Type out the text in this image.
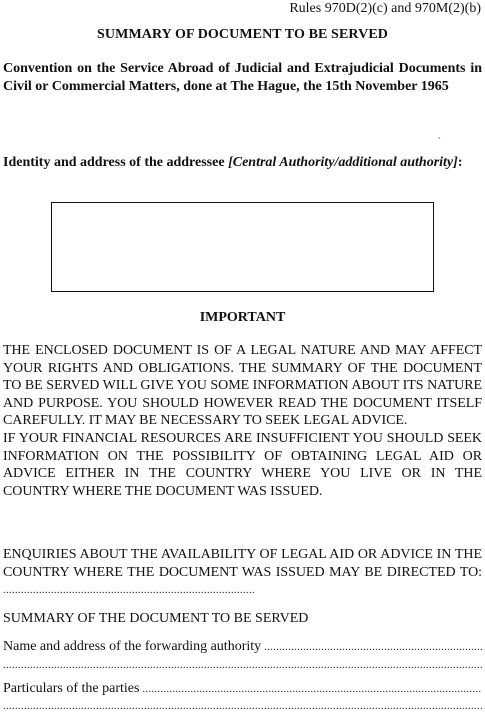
Rules 970D(2)(c) and 970M(2)(b)
SUMMARY OF DOCUMENT TO BE SERVED
Convention on the Service Abroad of Judicial and Extrajudicial Documents in Civil or Commercial Matters, done at The Hague, the 15th November 1965
Identity and address of the addressee [Central Authority/additional authority]:
`
IMPORTANT
THE ENCLOSED DOCUMENT IS OF A LEGAL NATURE AND MAY AFFECT YOUR RIGHTS AND OBLIGATIONS. THE SUMMARY OF THE DOCUMENT TO BE SERVED WILL GIVE YOU SOME INFORMATION ABOUT ITS NATURE AND PURPOSE. YOU SHOULD HOWEVER READ THE DOCUMENT ITSELF CAREFULLY. IT MAY BE NECESSARY TO SEEK LEGAL ADVICE.
IF YOUR FINANCIAL RESOURCES ARE INSUFFICIENT YOU SHOULD SEEK INFORMATION ON THE POSSIBILITY OF OBTAINING LEGAL AID OR ADVICE EITHER IN THE COUNTRY WHERE YOU LIVE OR IN THE COUNTRY WHERE THE DOCUMENT WAS ISSUED.
ENQUIRIES ABOUT THE AVAILABILITY OF LEGAL AID OR ADVICE IN THE COUNTRY WHERE THE DOCUMENT WAS ISSUED MAY BE DIRECTED TO: ....................................................................................
SUMMARY OF THE DOCUMENT TO BE SERVED
Name and address of the forwarding authority
.....
.....
Particulars of the parties
.....
.....
